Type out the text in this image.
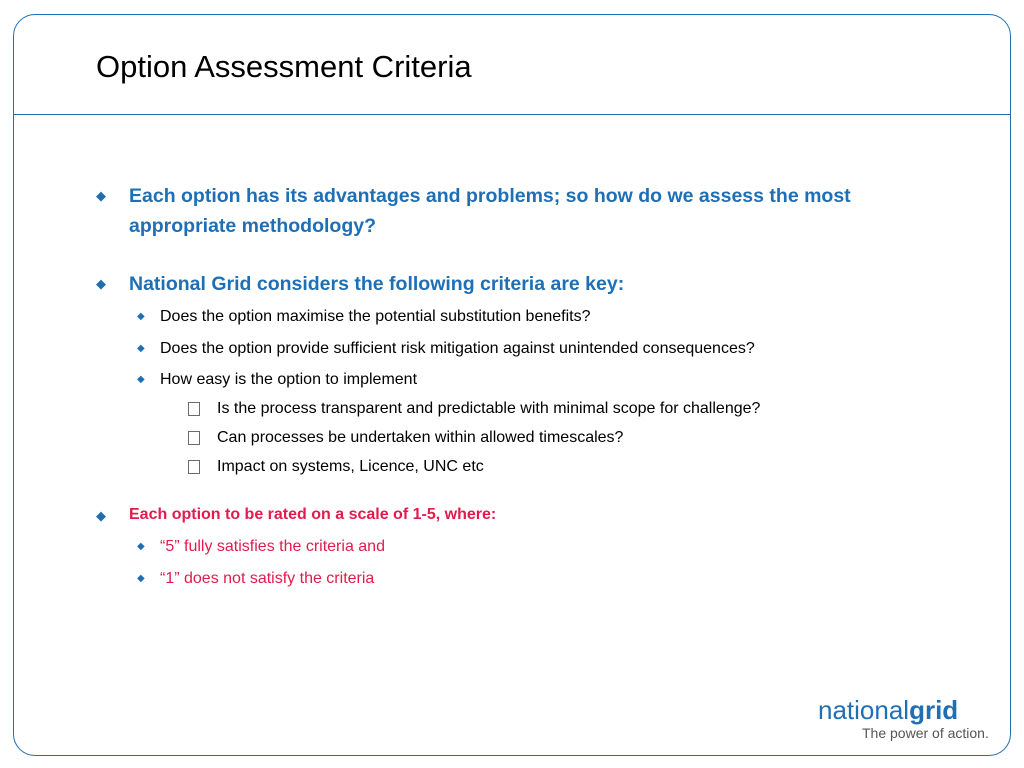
Option Assessment Criteria
◆ Each option has its advantages and problems; so how do we assess the most appropriate methodology?
◆ National Grid considers the following criteria are key:
◆ Does the option maximise the potential substitution benefits?
◆ Does the option provide sufficient risk mitigation against unintended consequences?
◆ How easy is the option to implement
Is the process transparent and predictable with minimal scope for challenge?
Can processes be undertaken within allowed timescales?
Impact on systems, Licence, UNC etc
◆ Each option to be rated on a scale of 1-5, where:
◆ “5” fully satisfies the criteria and
◆ “1” does not satisfy the criteria
nationalgrid
The power of action.
